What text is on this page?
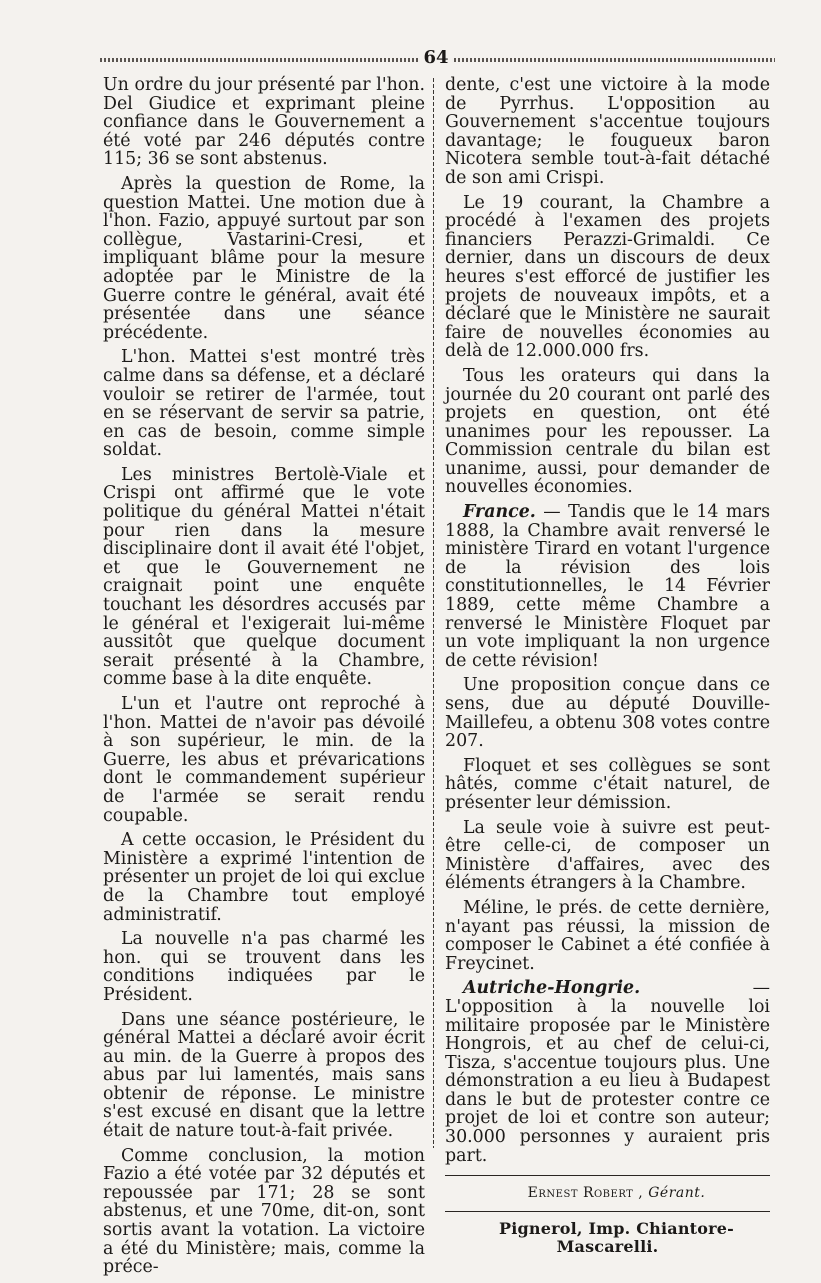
64

Un ordre du jour présenté par l'hon. Del Giudice et exprimant pleine confiance dans le Gouvernement a été voté par 246 députés contre 115; 36 se sont abstenus.

Après la question de Rome, la question Mattei. Une motion due à l'hon. Fazio, appuyé surtout par son collègue, Vastarini-Cresi, et impliquant blâme pour la mesure adoptée par le Ministre de la Guerre contre le général, avait été présentée dans une séance précédente.

L'hon. Mattei s'est montré très calme dans sa défense, et a déclaré vouloir se retirer de l'armée, tout en se réservant de servir sa patrie, en cas de besoin, comme simple soldat.

Les ministres Bertolè-Viale et Crispi ont affirmé que le vote politique du général Mattei n'était pour rien dans la mesure disciplinaire dont il avait été l'objet, et que le Gouvernement ne craignait point une enquête touchant les désordres accusés par le général et l'exigerait lui-même aussitôt que quelque document serait présenté à la Chambre, comme base à la dite enquête.

L'un et l'autre ont reproché à l'hon. Mattei de n'avoir pas dévoilé à son supérieur, le min. de la Guerre, les abus et prévarications dont le commandement supérieur de l'armée se serait rendu coupable.

A cette occasion, le Président du Ministère a exprimé l'intention de présenter un projet de loi qui exclue de la Chambre tout employé administratif.

La nouvelle n'a pas charmé les hon. qui se trouvent dans les conditions indiquées par le Président.

Dans une séance postérieure, le général Mattei a déclaré avoir écrit au min. de la Guerre à propos des abus par lui lamentés, mais sans obtenir de réponse. Le ministre s'est excusé en disant que la lettre était de nature tout-à-fait privée.

Comme conclusion, la motion Fazio a été votée par 32 députés et repoussée par 171; 28 se sont abstenus, et une 70me, dit-on, sont sortis avant la votation. La victoire a été du Ministère; mais, comme la préce-

dente, c'est une victoire à la mode de Pyrrhus. L'opposition au Gouvernement s'accentue toujours davantage; le fougueux baron Nicotera semble tout-à-fait détaché de son ami Crispi.

Le 19 courant, la Chambre a procédé à l'examen des projets financiers Perazzi-Grimaldi. Ce dernier, dans un discours de deux heures s'est efforcé de justifier les projets de nouveaux impôts, et a déclaré que le Ministère ne saurait faire de nouvelles économies au delà de 12.000.000 frs.

Tous les orateurs qui dans la journée du 20 courant ont parlé des projets en question, ont été unanimes pour les repousser. La Commission centrale du bilan est unanime, aussi, pour demander de nouvelles économies.

France. — Tandis que le 14 mars 1888, la Chambre avait renversé le ministère Tirard en votant l'urgence de la révision des lois constitutionnelles, le 14 Février 1889, cette même Chambre a renversé le Ministère Floquet par un vote impliquant la non urgence de cette révision!

Une proposition conçue dans ce sens, due au député Douville-Maillefeu, a obtenu 308 votes contre 207.

Floquet et ses collègues se sont hâtés, comme c'était naturel, de présenter leur démission.

La seule voie à suivre est peut-être celle-ci, de composer un Ministère d'affaires, avec des éléments étrangers à la Chambre.

Méline, le prés. de cette dernière, n'ayant pas réussi, la mission de composer le Cabinet a été confiée à Freycinet.

Autriche-Hongrie. — L'opposition à la nouvelle loi militaire proposée par le Ministère Hongrois, et au chef de celui-ci, Tisza, s'accentue toujours plus. Une démonstration a eu lieu à Budapest dans le but de protester contre ce projet de loi et contre son auteur; 30.000 personnes y auraient pris part.

Ernest Robert , Gérant.

Pignerol, Imp. Chiantore-Mascarelli.
